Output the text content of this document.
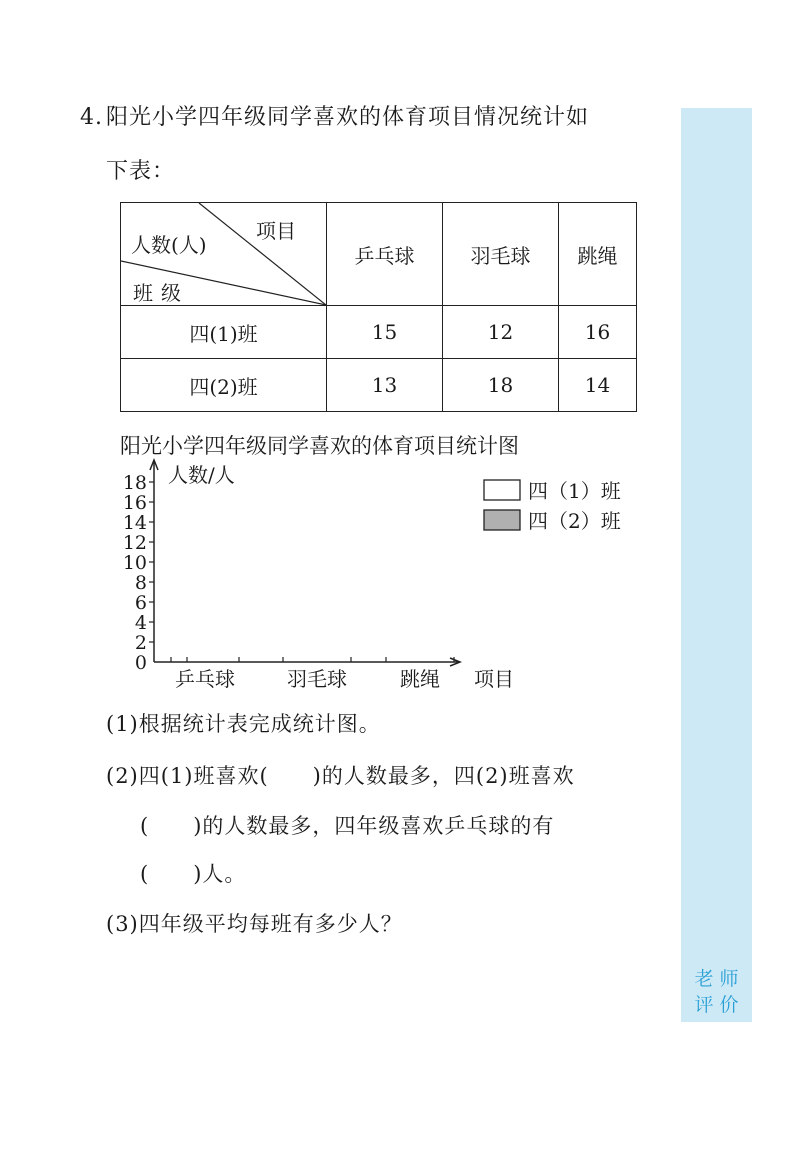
老 师
评 价
4. 阳光小学四年级同学喜欢的体育项目情况统计如
下表：
项目
人数(人)
班级	乒乓球	羽毛球	跳绳
四(1)班	15	12	16
四(2)班	13	18	14
阳光小学四年级同学喜欢的体育项目统计图
0
2
4
6
8
10
12
14
16
18 人数/人
乒乓球	羽毛球	跳绳 项目
四（1）班
四（2）班
(1)根据统计表完成统计图。
(2)四(1)班喜欢(　　)的人数最多，四(2)班喜欢
(　　)的人数最多，四年级喜欢乒乓球的有
(　　)人。
(3)四年级平均每班有多少人？
